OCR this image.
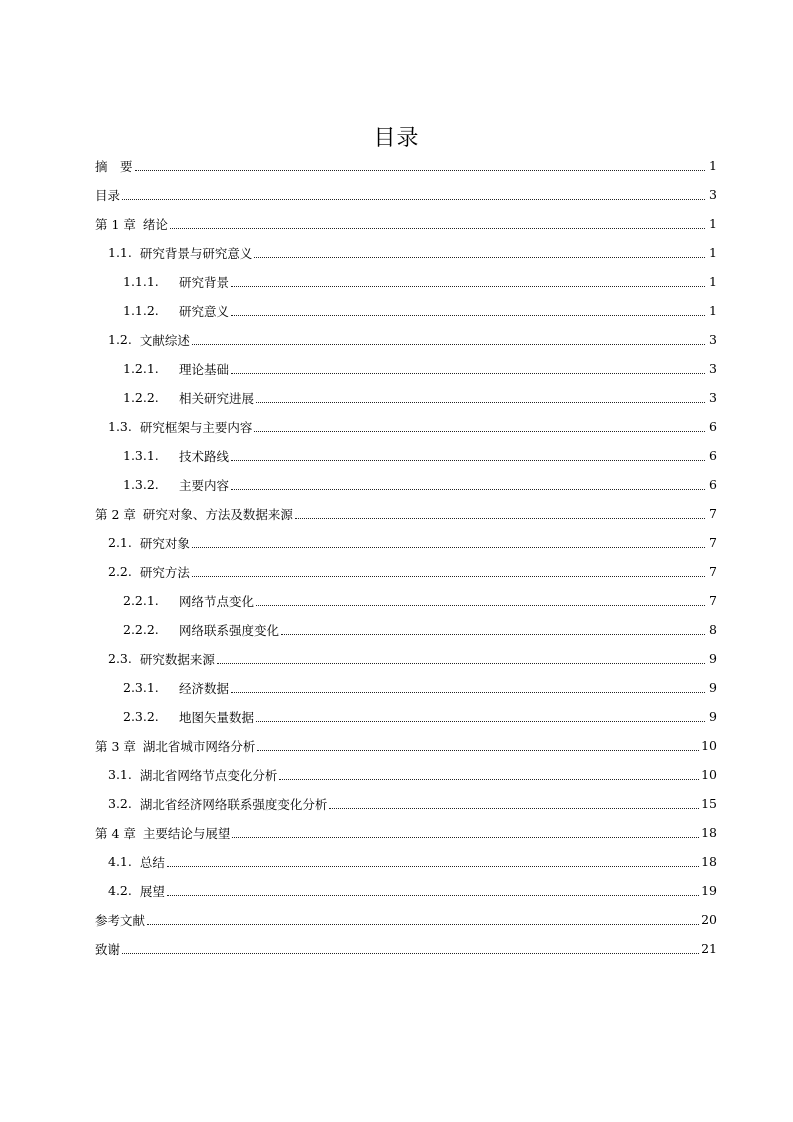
目录
摘　要	1
目录	3
第 1 章 绪论	1
1.1. 研究背景与研究意义	1
1.1.1.	研究背景	1
1.1.2.	研究意义	1
1.2. 文献综述	3
1.2.1.	理论基础	3
1.2.2.	相关研究进展	3
1.3. 研究框架与主要内容	6
1.3.1.	技术路线	6
1.3.2.	主要内容	6
第 2 章 研究对象、方法及数据来源	7
2.1. 研究对象	7
2.2. 研究方法	7
2.2.1.	网络节点变化	7
2.2.2.	网络联系强度变化	8
2.3. 研究数据来源	9
2.3.1.	经济数据	9
2.3.2.	地图矢量数据	9
第 3 章 湖北省城市网络分析	10
3.1. 湖北省网络节点变化分析	10
3.2. 湖北省经济网络联系强度变化分析	15
第 4 章 主要结论与展望	18
4.1. 总结	18
4.2. 展望	19
参考文献	20
致谢	21
